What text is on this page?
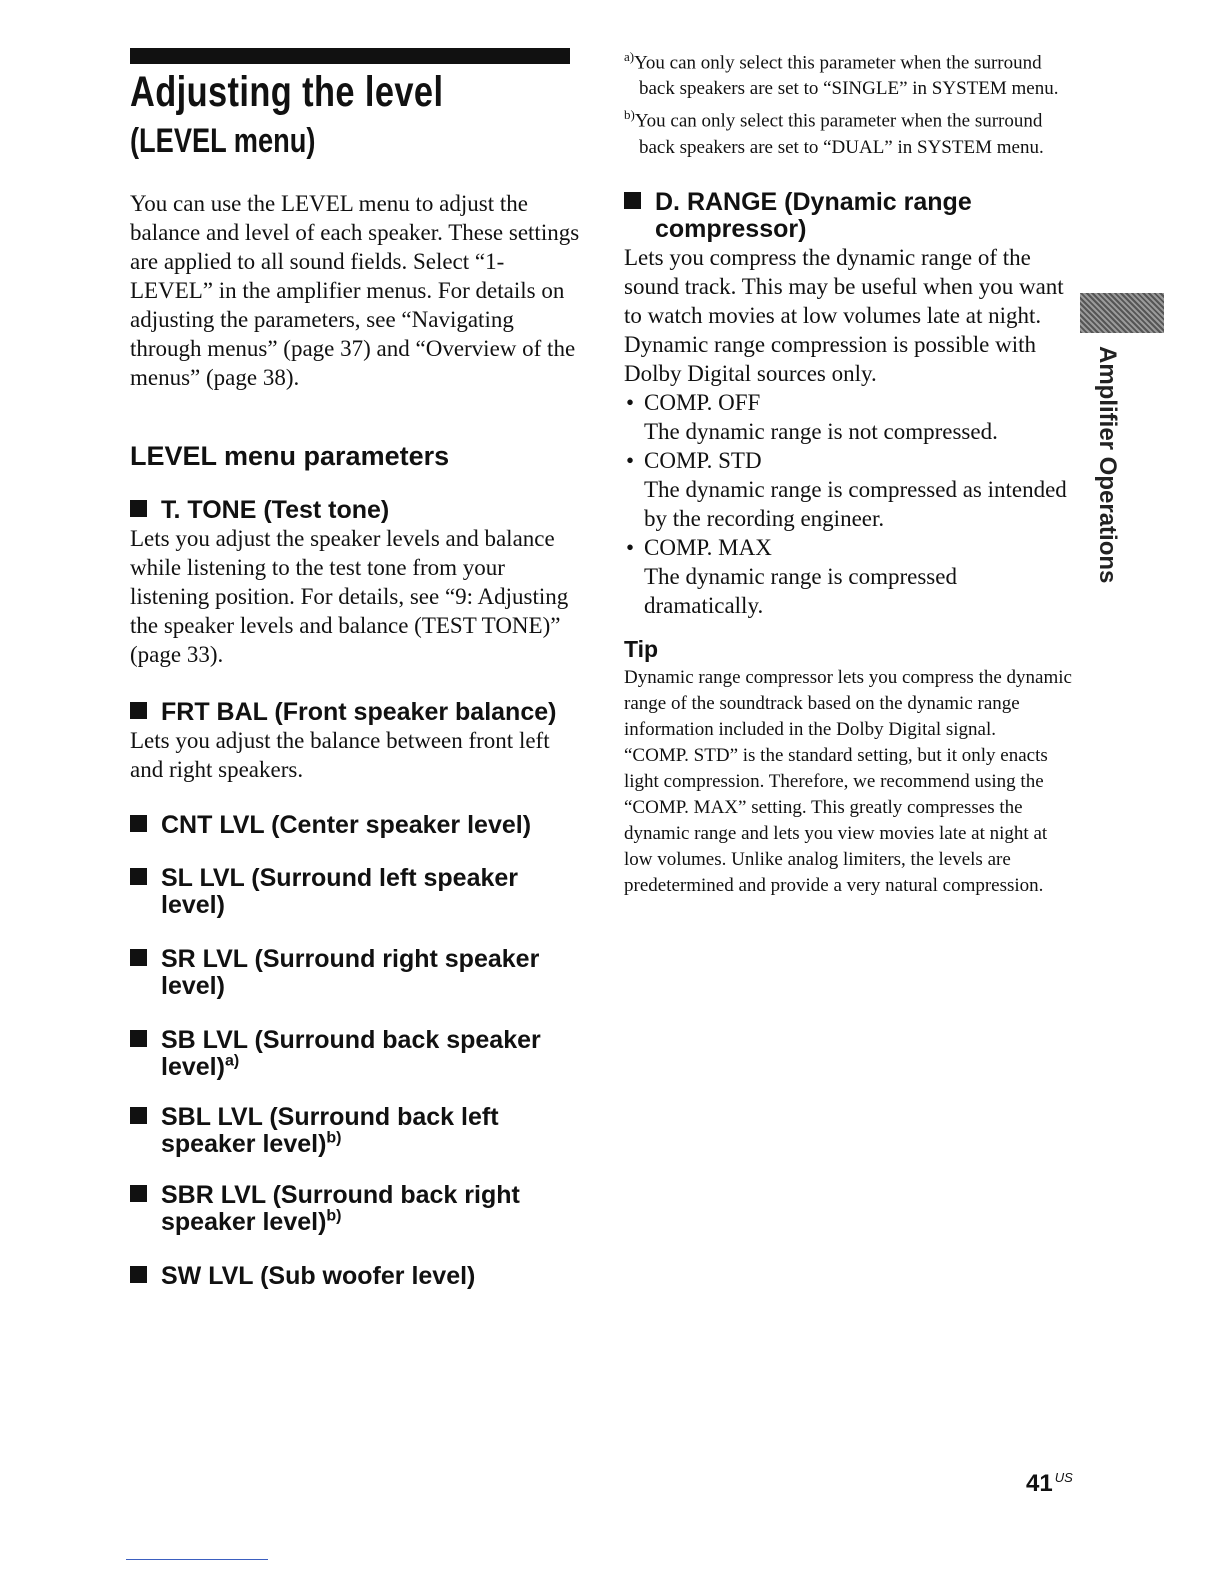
Adjusting the level
(LEVEL menu)

You can use the LEVEL menu to adjust the balance and level of each speaker. These settings are applied to all sound fields. Select “1-LEVEL” in the amplifier menus. For details on adjusting the parameters, see “Navigating through menus” (page 37) and “Overview of the menus” (page 38).

LEVEL menu parameters

T. TONE (Test tone)

Lets you adjust the speaker levels and balance while listening to the test tone from your listening position. For details, see “9: Adjusting the speaker levels and balance (TEST TONE)” (page 33).

FRT BAL (Front speaker balance)

Lets you adjust the balance between front left and right speakers.

CNT LVL (Center speaker level)

SL LVL (Surround left speaker level)

SR LVL (Surround right speaker level)

SB LVL (Surround back speaker level)$^{a)}$

SBL LVL (Surround back left speaker level)$^{b)}$

SBR LVL (Surround back right speaker level)$^{b)}$

SW LVL (Sub woofer level)

$^{a)}$You can only select this parameter when the surround back speakers are set to “SINGLE” in SYSTEM menu.

$^{b)}$You can only select this parameter when the surround back speakers are set to “DUAL” in SYSTEM menu.

D. RANGE (Dynamic range compressor)

Lets you compress the dynamic range of the sound track. This may be useful when you want to watch movies at low volumes late at night. Dynamic range compression is possible with Dolby Digital sources only.

• COMP. OFF
The dynamic range is not compressed.
• COMP. STD
The dynamic range is compressed as intended by the recording engineer.
• COMP. MAX
The dynamic range is compressed dramatically.

Tip

Dynamic range compressor lets you compress the dynamic range of the soundtrack based on the dynamic range information included in the Dolby Digital signal.

“COMP. STD” is the standard setting, but it only enacts light compression. Therefore, we recommend using the “COMP. MAX” setting. This greatly compresses the dynamic range and lets you view movies late at night at low volumes. Unlike analog limiters, the levels are predetermined and provide a very natural compression.

Amplifier Operations
41 $^{US}$
